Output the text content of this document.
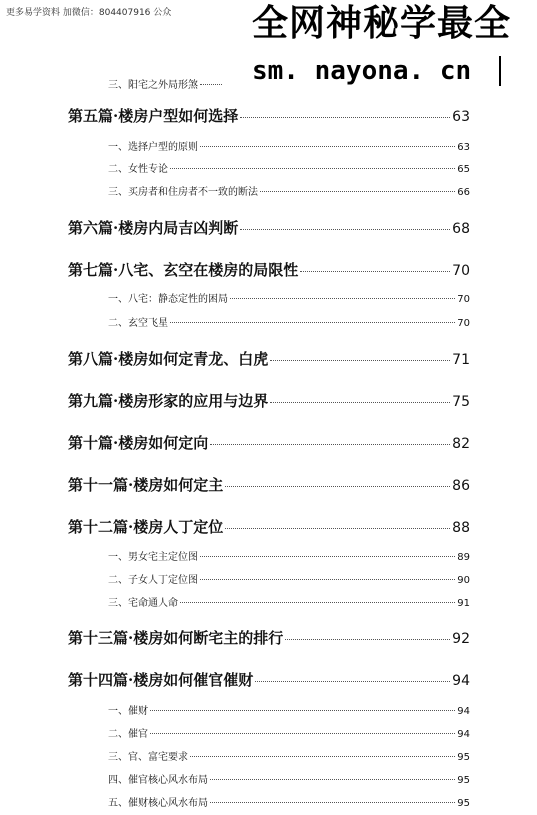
更多易学资料 加微信：804407916 公众 全网神秘学最全
sm. nayona. cn
三、阳宅之外局形煞
第五篇·楼房户型如何选择	63
一、选择户型的原则	63
二、女性专论	65
三、买房者和住房者不一致的断法	66
第六篇·楼房内局吉凶判断	68
第七篇·八宅、玄空在楼房的局限性	70
一、八宅：静态定性的困局	70
二、玄空飞星	70
第八篇·楼房如何定青龙、白虎	71
第九篇·楼房形家的应用与边界	75
第十篇·楼房如何定向	82
第十一篇·楼房如何定主	86
第十二篇·楼房人丁定位	88
一、男女宅主定位图	89
二、子女人丁定位图	90
三、宅命通人命	91
第十三篇·楼房如何断宅主的排行	92
第十四篇·楼房如何催官催财	94
一、催财	94
二、催官	94
三、官、富宅要求	95
四、催官核心风水布局	95
五、催财核心风水布局	95
